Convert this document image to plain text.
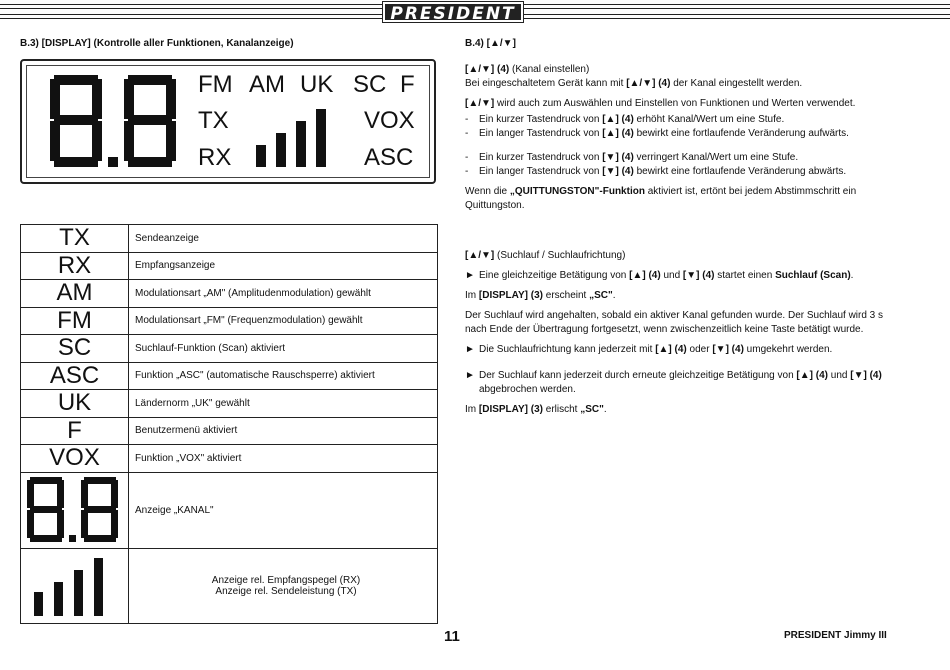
PRESIDENT
B.3) [DISPLAY] (Kontrolle aller Funktionen, Kanalanzeige)
FM AM UK SC F
TX	VOX
RX	ASC
TX	Sendeanzeige
RX	Empfangsanzeige
AM	Modulationsart „AM" (Amplitudenmodulation) gewählt
FM	Modulationsart „FM" (Frequenzmodulation) gewählt
SC	Suchlauf-Funktion (Scan) aktiviert
ASC	Funktion „ASC" (automatische Rauschsperre) aktiviert
UK	Ländernorm „UK" gewählt
F	Benutzermenü aktiviert
VOX	Funktion „VOX" aktiviert
Anzeige „KANAL"
Anzeige rel. Empfangspegel (RX)
Anzeige rel. Sendeleistung (TX)
B.4) [▲/▼]
[▲/▼] (4) (Kanal einstellen)
Bei eingeschaltetem Gerät kann mit [▲/▼] (4) der Kanal eingestellt werden.
[▲/▼] wird auch zum Auswählen und Einstellen von Funktionen und Werten verwendet.
- Ein kurzer Tastendruck von [▲] (4) erhöht Kanal/Wert um eine Stufe.
- Ein langer Tastendruck von [▲] (4) bewirkt eine fortlaufende Veränderung aufwärts.
- Ein kurzer Tastendruck von [▼] (4) verringert Kanal/Wert um eine Stufe.
- Ein langer Tastendruck von [▼] (4) bewirkt eine fortlaufende Veränderung abwärts.
Wenn die „QUITTUNGSTON"-Funktion aktiviert ist, ertönt bei jedem Abstimmschritt ein Quittungston.
[▲/▼] (Suchlauf / Suchlaufrichtung)
► Eine gleichzeitige Betätigung von [▲] (4) und [▼] (4) startet einen Suchlauf (Scan).
Im [DISPLAY] (3) erscheint „SC".
Der Suchlauf wird angehalten, sobald ein aktiver Kanal gefunden wurde. Der Suchlauf wird 3 s nach Ende der Übertragung fortgesetzt, wenn zwischenzeitlich keine Taste betätigt wurde.
► Die Suchlaufrichtung kann jederzeit mit [▲] (4) oder [▼] (4) umgekehrt werden.
► Der Suchlauf kann jederzeit durch erneute gleichzeitige Betätigung von [▲] (4) und [▼] (4) abgebrochen werden.
Im [DISPLAY] (3) erlischt „SC".
11	PRESIDENT Jimmy III
